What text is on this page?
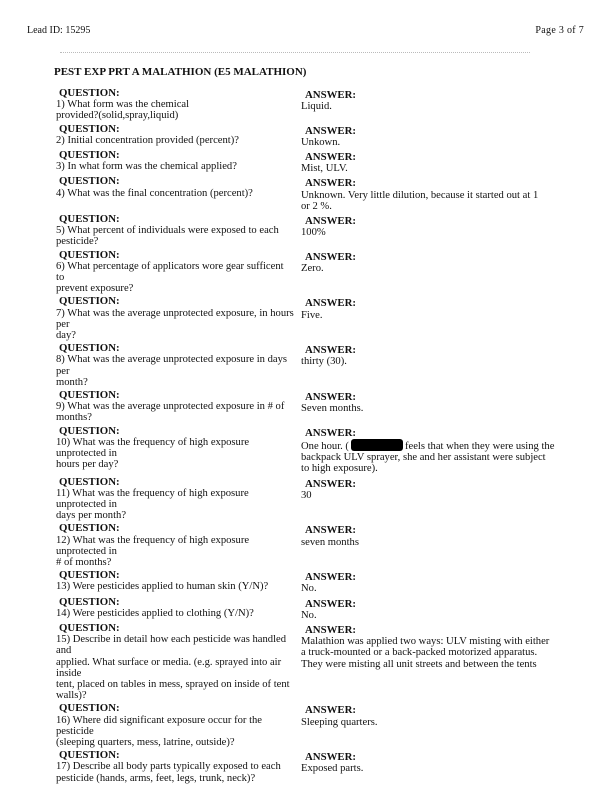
Lead ID: 15295	Page 3 of 7
PEST EXP PRT A MALATHION (E5 MALATHION)
QUESTION:
1) What form was the chemical
provided?(solid,spray,liquid)
ANSWER:
Liquid.
QUESTION:
2) Initial concentration provided (percent)?
ANSWER:
Unkown.
QUESTION:
3) In what form was the chemical applied?
ANSWER:
Mist, ULV.
QUESTION:
4) What was the final concentration (percent)?
ANSWER:
Unknown. Very little dilution, because it started out at 1
or 2 %.
QUESTION:
5) What percent of individuals were exposed to each
pesticide?
ANSWER:
100%
QUESTION:
6) What percentage of applicators wore gear sufficent to
prevent exposure?
ANSWER:
Zero.
QUESTION:
7) What was the average unprotected exposure, in hours per
day?
ANSWER:
Five.
QUESTION:
8) What was the average unprotected exposure in days per
month?
ANSWER:
thirty (30).
QUESTION:
9) What was the average unprotected exposure in # of
months?
ANSWER:
Seven months.
QUESTION:
10) What was the frequency of high exposure unprotected in
hours per day?
ANSWER:
One hour. (	feels that when they were using the
backpack ULV sprayer, she and her assistant were subject
to high exposure).
QUESTION:
11) What was the frequency of high exposure unprotected in
days per month?
ANSWER:
30
QUESTION:
12) What was the frequency of high exposure unprotected in
# of months?
ANSWER:
seven months
QUESTION:
13) Were pesticides applied to human skin (Y/N)?
ANSWER:
No.
QUESTION:
14) Were pesticides applied to clothing (Y/N)?
ANSWER:
No.
QUESTION:
15) Describe in detail how each pesticide was handled and
applied. What surface or media. (e.g. sprayed into air inside
tent, placed on tables in mess, sprayed on inside of tent
walls)?
ANSWER:
Malathion was applied two ways: ULV misting with either
a truck-mounted or a back-packed motorized apparatus.
They were misting all unit streets and between the tents
QUESTION:
16) Where did significant exposure occur for the pesticide
(sleeping quarters, mess, latrine, outside)?
ANSWER:
Sleeping quarters.
QUESTION:
17) Describe all body parts typically exposed to each
pesticide (hands, arms, feet, legs, trunk, neck)?
ANSWER:
Exposed parts.
